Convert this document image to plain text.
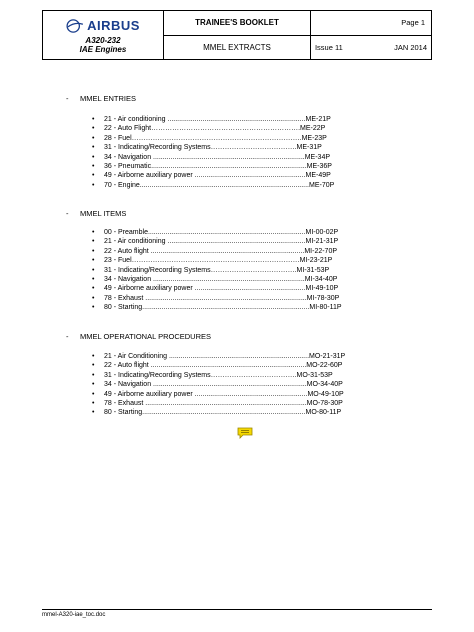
AIRBUS
A320-232
IAE Engines	TRAINEE'S BOOKLET	Page 1
	MMEL EXTRACTS	Issue 11 JAN 2014
- MMEL ENTRIES
• 21 - Air conditioning .......................................................................ME-21P
• 22 - Auto Flight……………………………………………………….ME-22P
• 28 - Fuel……………………………………………………………….ME-23P
• 31 - Indicating/Recording Systems……………………………….ME-31P
• 34 - Navigation ..............................................................................ME-34P
• 36 - Pneumatic................................................................................ME-36P
• 49 - Airborne auxiliary power .........................................................ME-49P
• 70 - Engine.......................................................................................ME-70P
- MMEL ITEMS
• 00 - Preamble.................................................................................MI-00-02P
• 21 - Air conditioning .......................................................................MI-21-31P
• 22 - Auto flight ...............................................................................MI-22-70P
• 23 - Fuel………………………………………………………………MI-23-21P
• 31 - Indicating/Recording Systems……………………………….MI-31-53P
• 34 - Navigation ..............................................................................MI-34-40P
• 49 - Airborne auxiliary power .........................................................MI-49-10P
• 78 - Exhaust ...................................................................................MI-78-30P
• 80 - Starting......................................................................................MI-80-11P
- MMEL OPERATIONAL PROCEDURES
• 21 - Air Conditioning ........................................................................MO-21-31P
• 22 - Auto flight ................................................................................MO-22-60P
• 31 - Indicating/Recording Systems……………………………….MO-31-53P
• 34 - Navigation ...............................................................................MO-34-40P
• 49 - Airborne auxiliary power ..........................................................MO-49-10P
• 78 - Exhaust ...................................................................................MO-78-30P
• 80 - Starting....................................................................................MO-80-11P
mmel-A320-iae_toc.doc
